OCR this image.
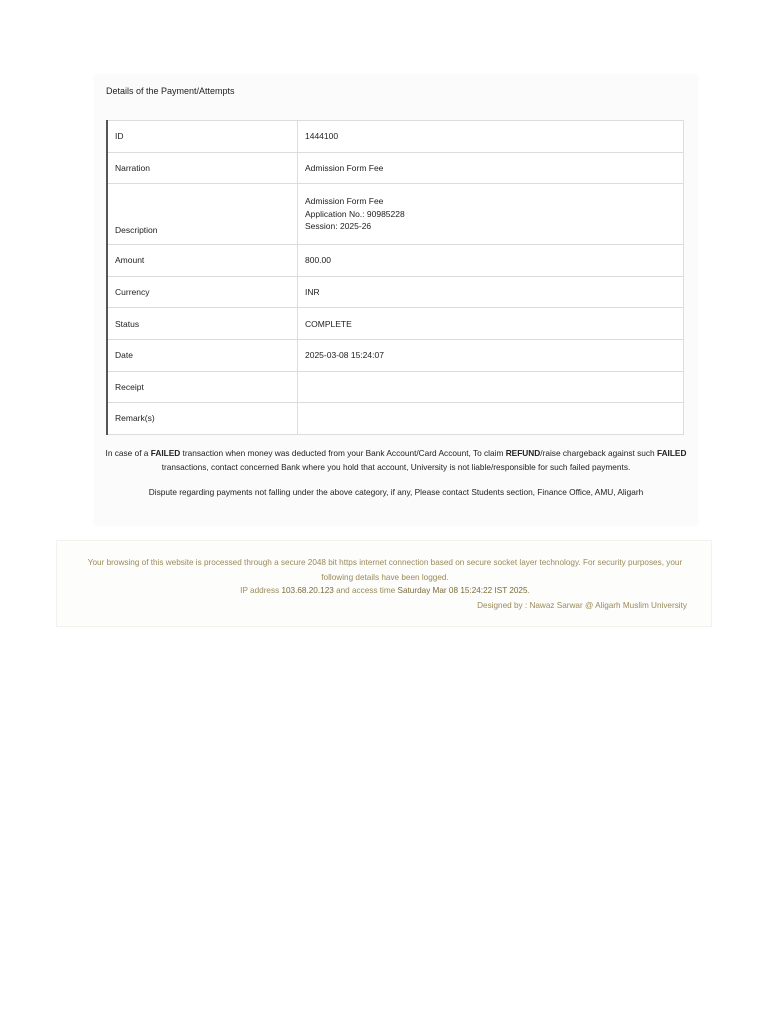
Details of the Payment/Attempts
ID	1444100
Narration	Admission Form Fee
Description	Admission Form Fee
Application No.: 90985228
Session: 2025-26

Amount	800.00
Currency	INR
Status	COMPLETE
Date	2025-03-08 15:24:07
Receipt	
Remark(s)	
In case of a FAILED transaction when money was deducted from your Bank Account/Card Account, To claim REFUND/raise chargeback against such FAILED transactions, contact concerned Bank where you hold that account, University is not liable/responsible for such failed payments.
Dispute regarding payments not falling under the above category, if any, Please contact Students section, Finance Office, AMU, Aligarh
Your browsing of this website is processed through a secure 2048 bit https internet connection based on secure socket layer technology. For security purposes, your following details have been logged.
IP address 103.68.20.123 and access time Saturday Mar 08 15:24:22 IST 2025.
Designed by : Nawaz Sarwar @ Aligarh Muslim University
